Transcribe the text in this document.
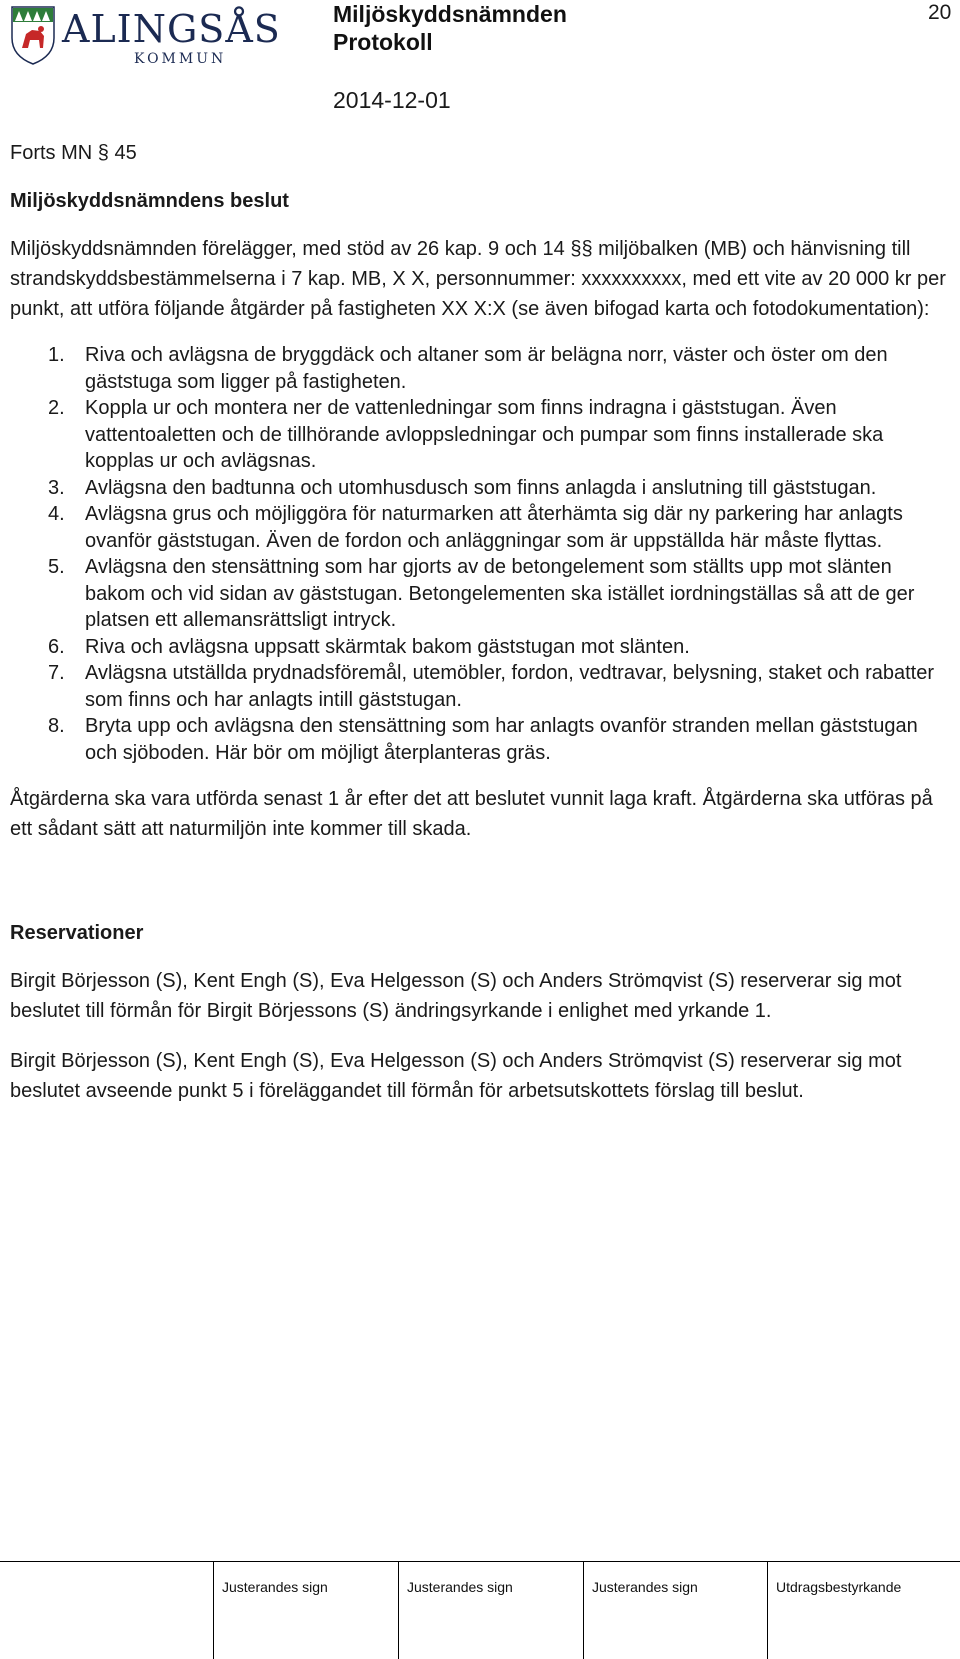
ALINGSÅS
KOMMUN
Miljöskyddsnämnden
Protokoll
20
2014-12-01

Forts MN § 45

Miljöskyddsnämndens beslut

Miljöskyddsnämnden förelägger, med stöd av 26 kap. 9 och 14 §§ miljöbalken (MB) och hänvisning till strandskyddsbestämmelserna i 7 kap. MB, X X, personnummer: xxxxxxxxxx, med ett vite av 20 000 kr per punkt, att utföra följande åtgärder på fastigheten XX X:X (se även bifogad karta och fotodokumentation):

1. Riva och avlägsna de bryggdäck och altaner som är belägna norr, väster och öster om den gäststuga som ligger på fastigheten.
2. Koppla ur och montera ner de vattenledningar som finns indragna i gäststugan. Även vattentoaletten och de tillhörande avloppsledningar och pumpar som finns installerade ska kopplas ur och avlägsnas.
3. Avlägsna den badtunna och utomhusdusch som finns anlagda i anslutning till gäststugan.
4. Avlägsna grus och möjliggöra för naturmarken att återhämta sig där ny parkering har anlagts ovanför gäststugan. Även de fordon och anläggningar som är uppställda här måste flyttas.
5. Avlägsna den stensättning som har gjorts av de betongelement som ställts upp mot slänten bakom och vid sidan av gäststugan. Betongelementen ska istället iordningställas så att de ger platsen ett allemansrättsligt intryck.
6. Riva och avlägsna uppsatt skärmtak bakom gäststugan mot slänten.
7. Avlägsna utställda prydnadsföremål, utemöbler, fordon, vedtravar, belysning, staket och rabatter som finns och har anlagts intill gäststugan.
8. Bryta upp och avlägsna den stensättning som har anlagts ovanför stranden mellan gäststugan och sjöboden. Här bör om möjligt återplanteras gräs.

Åtgärderna ska vara utförda senast 1 år efter det att beslutet vunnit laga kraft. Åtgärderna ska utföras på ett sådant sätt att naturmiljön inte kommer till skada.

Reservationer

Birgit Börjesson (S), Kent Engh (S), Eva Helgesson (S) och Anders Strömqvist (S) reserverar sig mot beslutet till förmån för Birgit Börjessons (S) ändringsyrkande i enlighet med yrkande 1.

Birgit Börjesson (S), Kent Engh (S), Eva Helgesson (S) och Anders Strömqvist (S) reserverar sig mot beslutet avseende punkt 5 i föreläggandet till förmån för arbetsutskottets förslag till beslut.

Justerandes sign	Justerandes sign	Justerandes sign	Utdragsbestyrkande
